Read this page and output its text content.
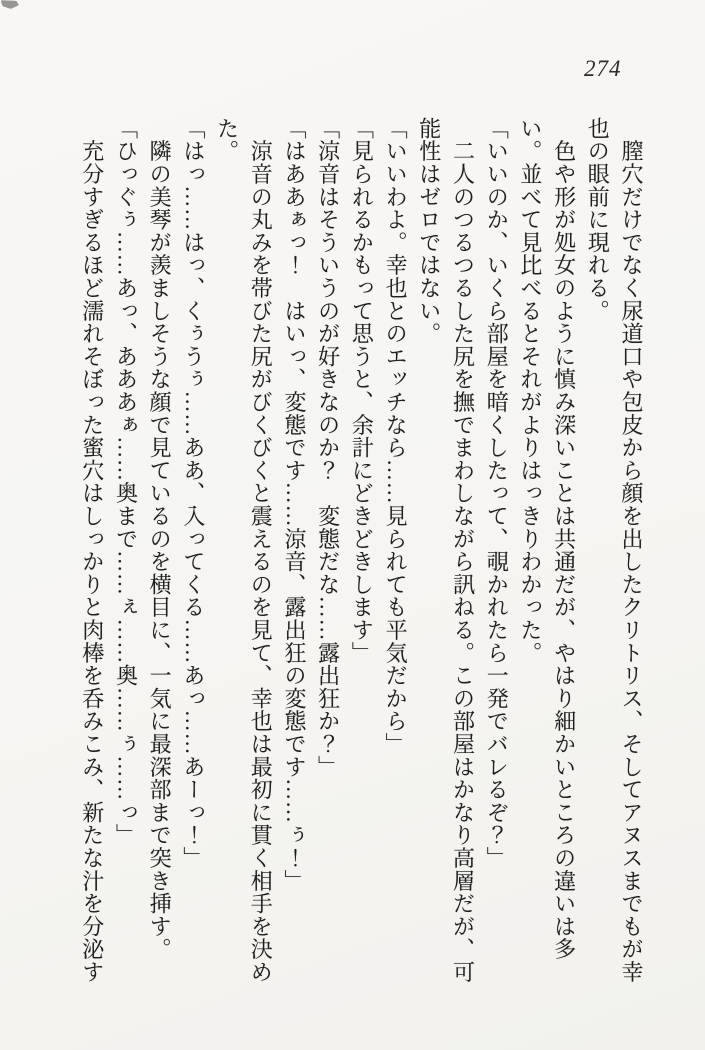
274

　膣穴だけでなく尿道口や包皮から顔を出したクリトリス、そしてアヌスまでもが幸也の眼前に現れる。

　色や形が処女のように慎み深いことは共通だが、やはり細かいところの違いは多い。並べて見比べるとそれがよりはっきりわかった。

「いいのか、いくら部屋を暗くしたって、覗かれたら一発でバレるぞ？」

　二人のつるつるした尻を撫でまわしながら訊ねる。この部屋はかなり高層だが、可能性はゼロではない。

「いいわよ。幸也とのエッチなら……見られても平気だから」

「見られるかもって思うと、余計にどきどきします」

「涼音はそういうのが好きなのか？　変態だな……露出狂か？」

「はああぁっ！　はいっ、変態です……涼音、露出狂の変態です……ぅ！」

　涼音の丸みを帯びた尻がびくびくと震えるのを見て、幸也は最初に貫く相手を決めた。

「はっ……はっ、くぅうぅ……ああ、入ってくる……あっ……あーっ！」

　隣の美琴が羨ましそうな顔で見ているのを横目に、一気に最深部まで突き挿す。

「ひっぐぅ……あっ、あああぁ……奥まで……ぇ……奥……ぅ……っ」

　充分すぎるほど濡れそぼった蜜穴はしっかりと肉棒を呑みこみ、新たな汁を分泌す
